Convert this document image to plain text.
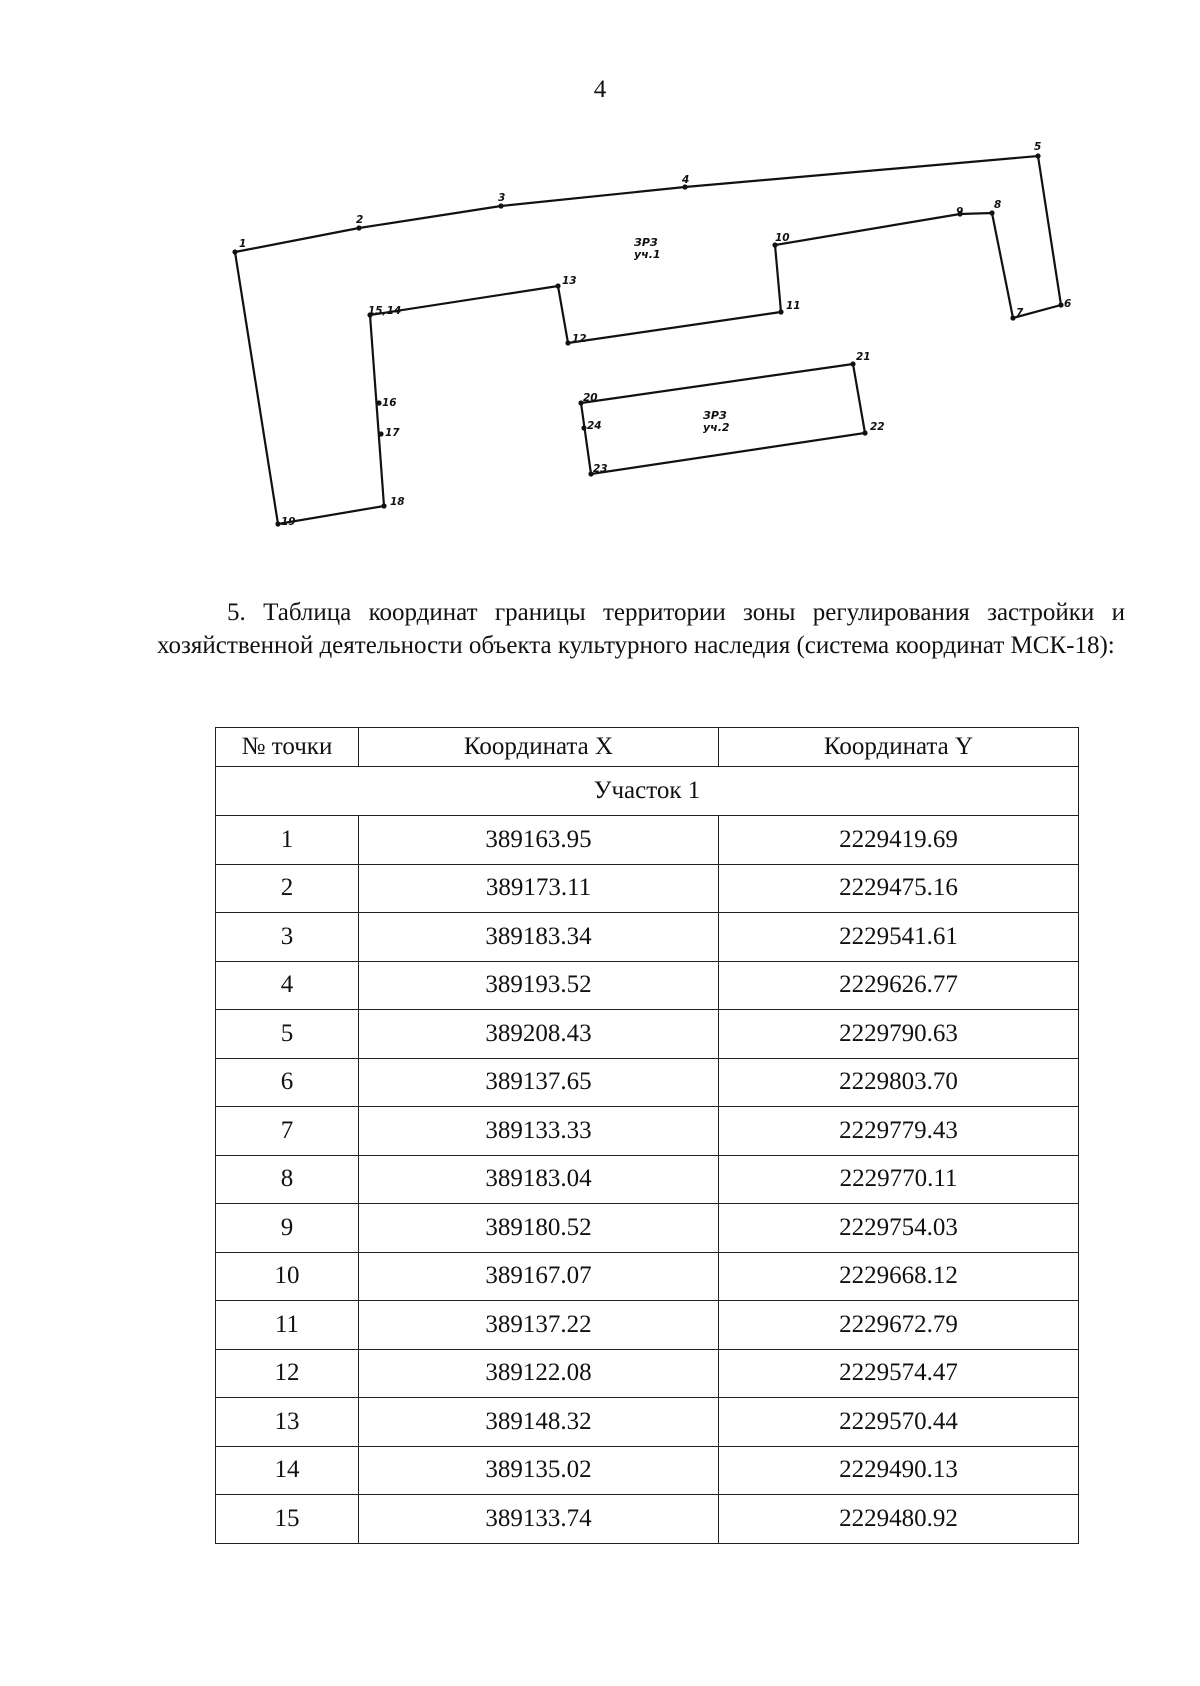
4
1
2
3
4
5
6
7
8
9
10
11
12
13
15,14
16
17
18
19
20
21
22
23
24
ЗРЗ
уч.1
ЗРЗ
уч.2

5. Таблица координат границы территории зоны регулирования застройки и хозяйственной деятельности объекта культурного наследия (система координат МСК-18):

№ точки	Координата X	Координата Y
Участок 1		
1	389163.95	2229419.69
2	389173.11	2229475.16
3	389183.34	2229541.61
4	389193.52	2229626.77
5	389208.43	2229790.63
6	389137.65	2229803.70
7	389133.33	2229779.43
8	389183.04	2229770.11
9	389180.52	2229754.03
10	389167.07	2229668.12
11	389137.22	2229672.79
12	389122.08	2229574.47
13	389148.32	2229570.44
14	389135.02	2229490.13
15	389133.74	2229480.92
